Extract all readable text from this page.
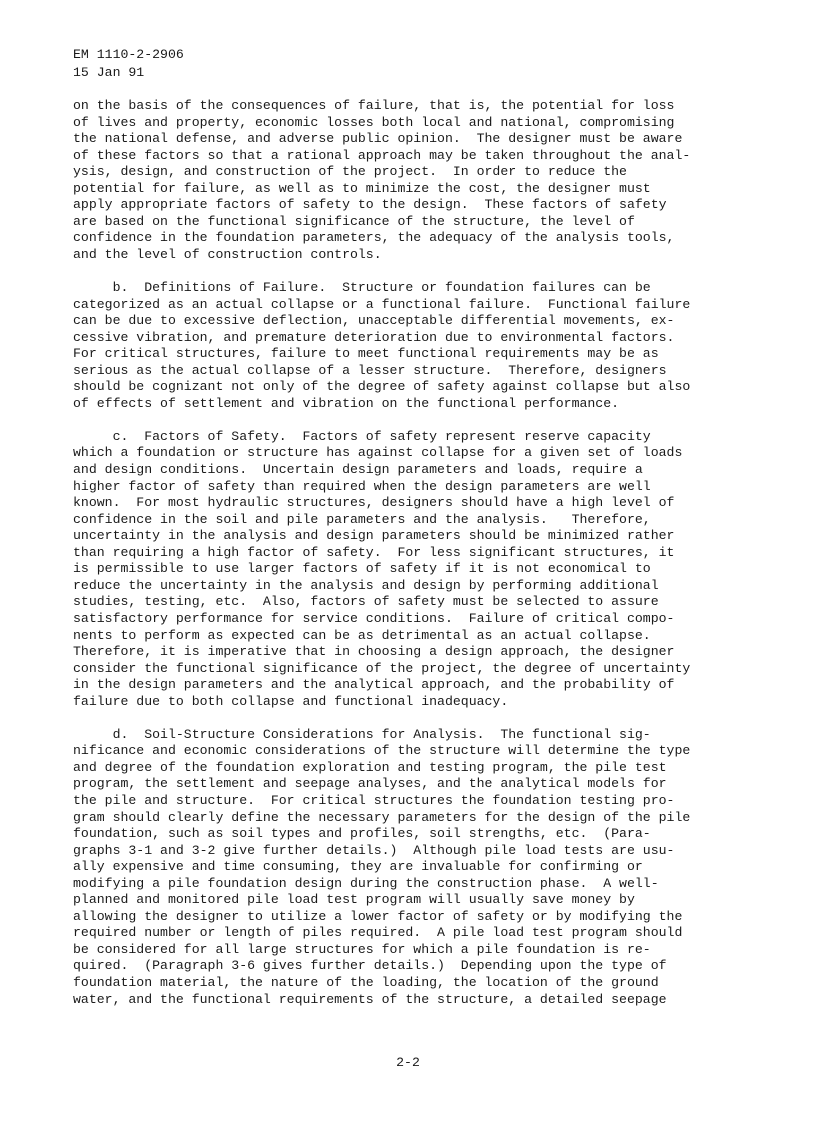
EM 1110-2-2906
15 Jan 91

on the basis of the consequences of failure, that is, the potential for loss
of lives and property, economic losses both local and national, compromising
the national defense, and adverse public opinion.  The designer must be aware
of these factors so that a rational approach may be taken throughout the anal-
ysis, design, and construction of the project.  In order to reduce the
potential for failure, as well as to minimize the cost, the designer must
apply appropriate factors of safety to the design.  These factors of safety
are based on the functional significance of the structure, the level of
confidence in the foundation parameters, the adequacy of the analysis tools,
and the level of construction controls.

b.  Definitions of Failure.  Structure or foundation failures can be
categorized as an actual collapse or a functional failure.  Functional failure
can be due to excessive deflection, unacceptable differential movements, ex-
cessive vibration, and premature deterioration due to environmental factors.
For critical structures, failure to meet functional requirements may be as
serious as the actual collapse of a lesser structure.  Therefore, designers
should be cognizant not only of the degree of safety against collapse but also
of effects of settlement and vibration on the functional performance.

c.  Factors of Safety.  Factors of safety represent reserve capacity
which a foundation or structure has against collapse for a given set of loads
and design conditions.  Uncertain design parameters and loads, require a
higher factor of safety than required when the design parameters are well
known.  For most hydraulic structures, designers should have a high level of
confidence in the soil and pile parameters and the analysis.   Therefore,
uncertainty in the analysis and design parameters should be minimized rather
than requiring a high factor of safety.  For less significant structures, it
is permissible to use larger factors of safety if it is not economical to
reduce the uncertainty in the analysis and design by performing additional
studies, testing, etc.  Also, factors of safety must be selected to assure
satisfactory performance for service conditions.  Failure of critical compo-
nents to perform as expected can be as detrimental as an actual collapse.
Therefore, it is imperative that in choosing a design approach, the designer
consider the functional significance of the project, the degree of uncertainty
in the design parameters and the analytical approach, and the probability of
failure due to both collapse and functional inadequacy.

d.  Soil-Structure Considerations for Analysis.  The functional sig-
nificance and economic considerations of the structure will determine the type
and degree of the foundation exploration and testing program, the pile test
program, the settlement and seepage analyses, and the analytical models for
the pile and structure.  For critical structures the foundation testing pro-
gram should clearly define the necessary parameters for the design of the pile
foundation, such as soil types and profiles, soil strengths, etc.  (Para-
graphs 3-1 and 3-2 give further details.)  Although pile load tests are usu-
ally expensive and time consuming, they are invaluable for confirming or
modifying a pile foundation design during the construction phase.  A well-
planned and monitored pile load test program will usually save money by
allowing the designer to utilize a lower factor of safety or by modifying the
required number or length of piles required.  A pile load test program should
be considered for all large structures for which a pile foundation is re-
quired.  (Paragraph 3-6 gives further details.)  Depending upon the type of
foundation material, the nature of the loading, the location of the ground
water, and the functional requirements of the structure, a detailed seepage

2-2
